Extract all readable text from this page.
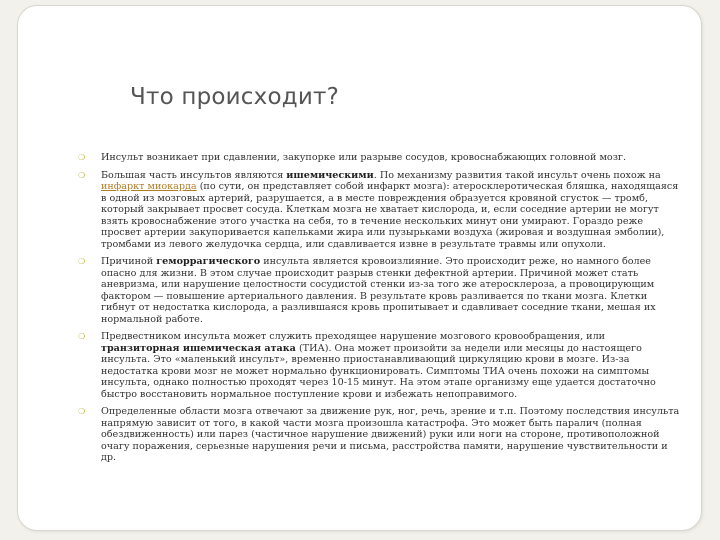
Что происходит?
❍	Инсульт возникает при сдавлении, закупорке или разрыве сосудов, кровоснабжающих головной мозг.
❍	Большая часть инсультов являются ишемическими. По механизму развития такой инсульт очень похож на инфаркт миокарда (по сути, он представляет собой инфаркт мозга): атеросклеротическая бляшка, находящаяся в одной из мозговых артерий, разрушается, а в месте повреждения образуется кровяной сгусток — тромб, который закрывает просвет сосуда. Клеткам мозга не хватает кислорода, и, если соседние артерии не могут взять кровоснабжение этого участка на себя, то в течение нескольких минут они умирают. Гораздо реже просвет артерии закупоривается капельками жира или пузырьками воздуха (жировая и воздушная эмболии), тромбами из левого желудочка сердца, или сдавливается извне в результате травмы или опухоли.
❍	Причиной геморрагического инсульта является кровоизлияние. Это происходит реже, но намного более опасно для жизни. В этом случае происходит разрыв стенки дефектной артерии. Причиной может стать аневризма, или нарушение целостности сосудистой стенки из-за того же атеросклероза, а провоцирующим фактором — повышение артериального давления. В результате кровь разливается по ткани мозга. Клетки гибнут от недостатка кислорода, а разлившаяся кровь пропитывает и сдавливает соседние ткани, мешая их нормальной работе.
❍	Предвестником инсульта может служить преходящее нарушение мозгового кровообращения, или транзиторная ишемическая атака (ТИА). Она может произойти за недели или месяцы до настоящего инсульта. Это «маленький инсульт», временно приостанавливающий циркуляцию крови в мозге. Из-за недостатка крови мозг не может нормально функционировать. Симптомы ТИА очень похожи на симптомы инсульта, однако полностью проходят через 10-15 минут. На этом этапе организму еще удается достаточно быстро восстановить нормальное поступление крови и избежать непоправимого.
❍	Определенные области мозга отвечают за движение рук, ног, речь, зрение и т.п. Поэтому последствия инсульта напрямую зависит от того, в какой части мозга произошла катастрофа. Это может быть паралич (полная обездвиженность) или парез (частичное нарушение движений) руки или ноги на стороне, противоположной очагу поражения, серьезные нарушения речи и письма, расстройства памяти, нарушение чувствительности и др.
